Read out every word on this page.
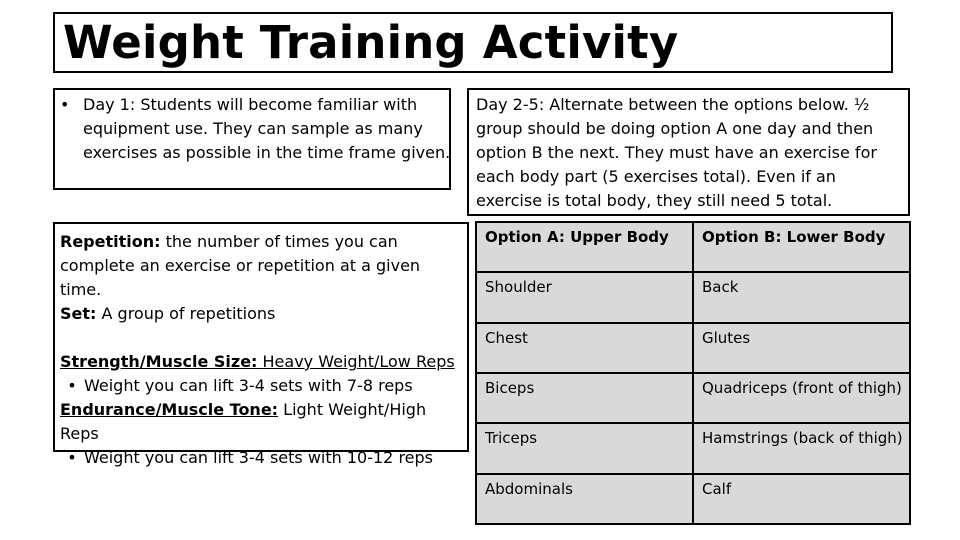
Weight Training Activity
• Day 1: Students will become familiar with equipment use. They can sample as many exercises as possible in the time frame given.
Day 2-5: Alternate between the options below. ½ group should be doing option A one day and then option B the next. They must have an exercise for each body part (5 exercises total). Even if an exercise is total body, they still need 5 total.

Repetition: the number of times you can complete an exercise or repetition at a given time.

Set: A group of repetitions

Strength/Muscle Size: Heavy Weight/Low Reps

• Weight you can lift 3-4 sets with 7-8 reps

Endurance/Muscle Tone: Light Weight/High Reps

• Weight you can lift 3-4 sets with 10-12 reps
Option A: Upper Body	Option B: Lower Body
Shoulder	Back
Chest	Glutes
Biceps	Quadriceps (front of thigh)
Triceps	Hamstrings (back of thigh)
Abdominals	Calf
